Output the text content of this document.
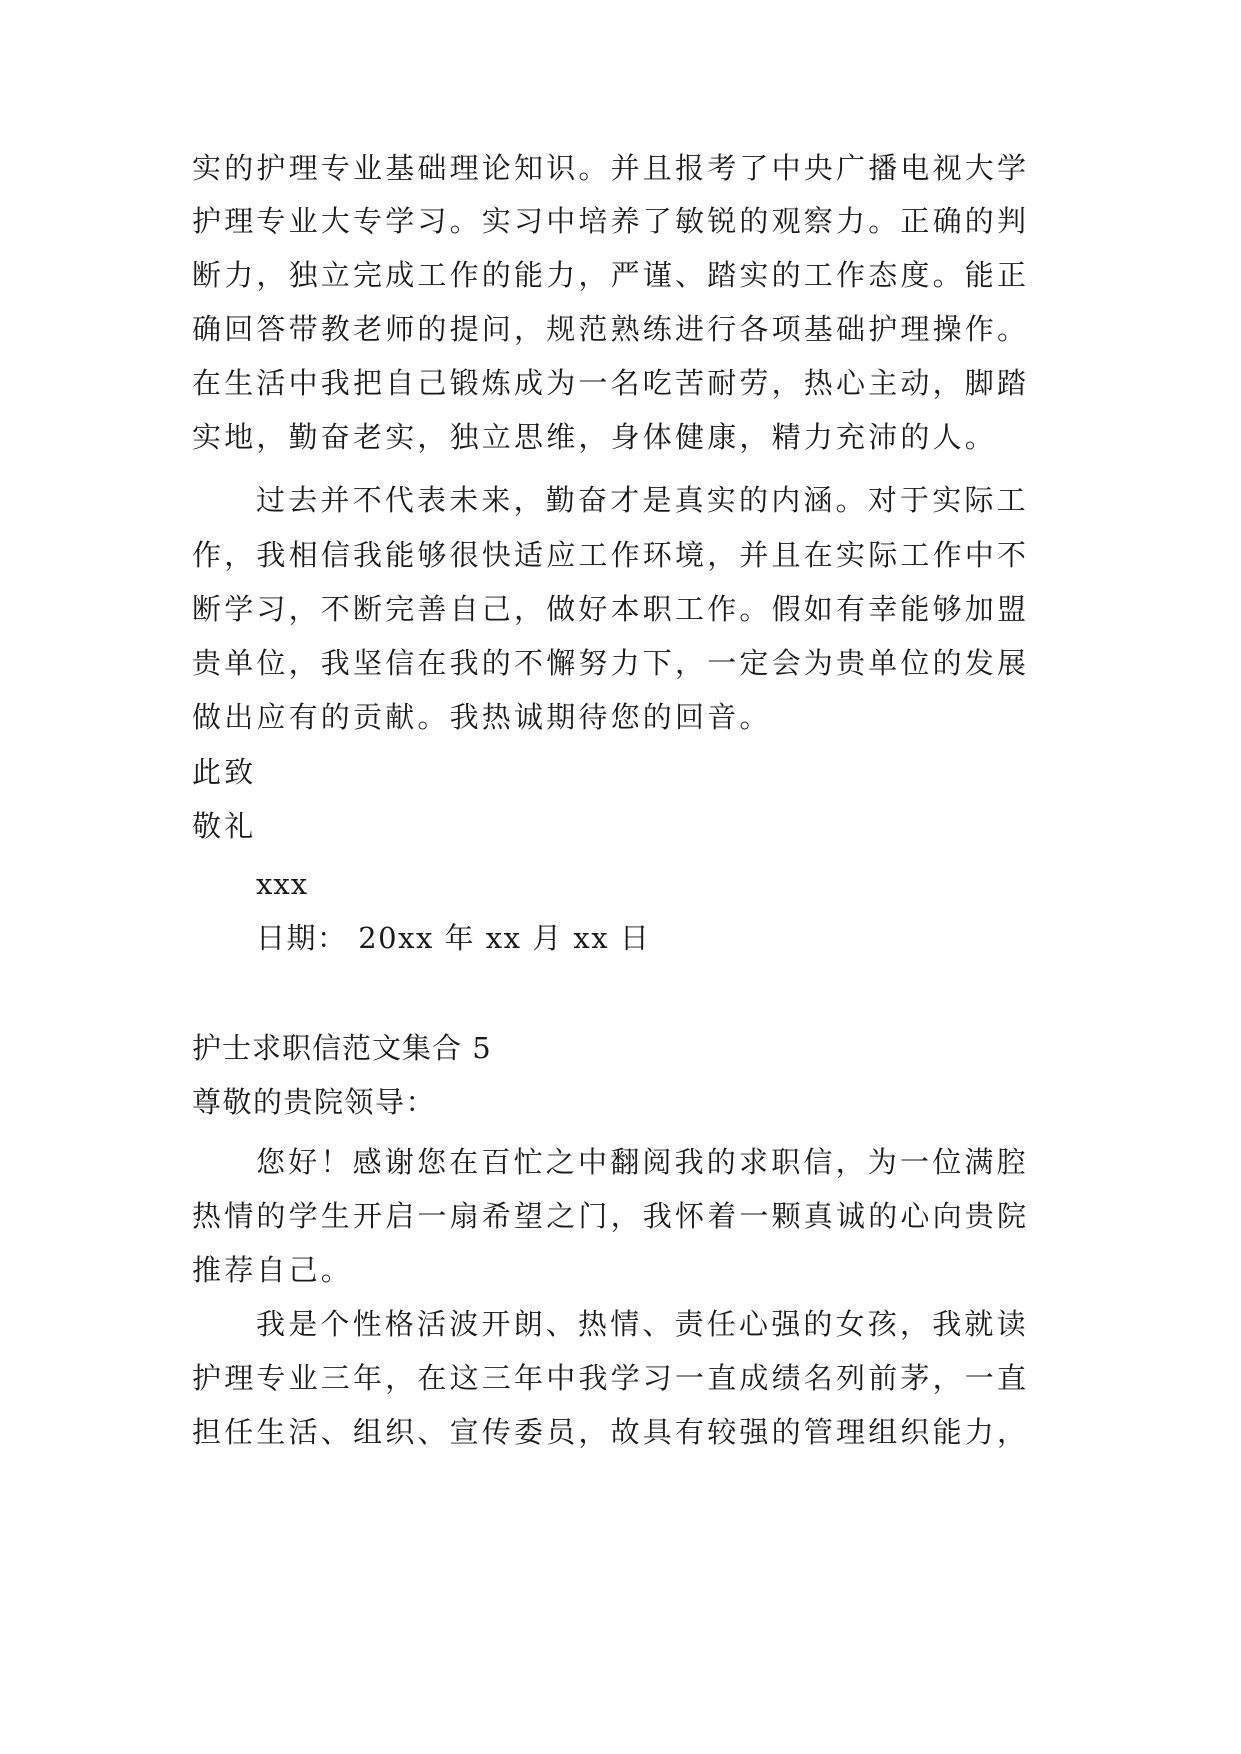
实的护理专业基础理论知识。并且报考了中央广播电视大学
护理专业大专学习。实习中培养了敏锐的观察力。正确的判
断力，独立完成工作的能力，严谨、踏实的工作态度。能正
确回答带教老师的提问，规范熟练进行各项基础护理操作。
在生活中我把自己锻炼成为一名吃苦耐劳，热心主动，脚踏
实地，勤奋老实，独立思维，身体健康，精力充沛的人。
过去并不代表未来，勤奋才是真实的内涵。对于实际工
作，我相信我能够很快适应工作环境，并且在实际工作中不
断学习，不断完善自己，做好本职工作。假如有幸能够加盟
贵单位，我坚信在我的不懈努力下，一定会为贵单位的发展
做出应有的贡献。我热诚期待您的回音。
此致
敬礼
xxx
日期： 20xx 年 xx 月 xx 日
护士求职信范文集合 5
尊敬的贵院领导：
您好！感谢您在百忙之中翻阅我的求职信，为一位满腔
热情的学生开启一扇希望之门，我怀着一颗真诚的心向贵院
推荐自己。
我是个性格活波开朗、热情、责任心强的女孩，我就读
护理专业三年，在这三年中我学习一直成绩名列前茅，一直
担任生活、组织、宣传委员，故具有较强的管理组织能力，
